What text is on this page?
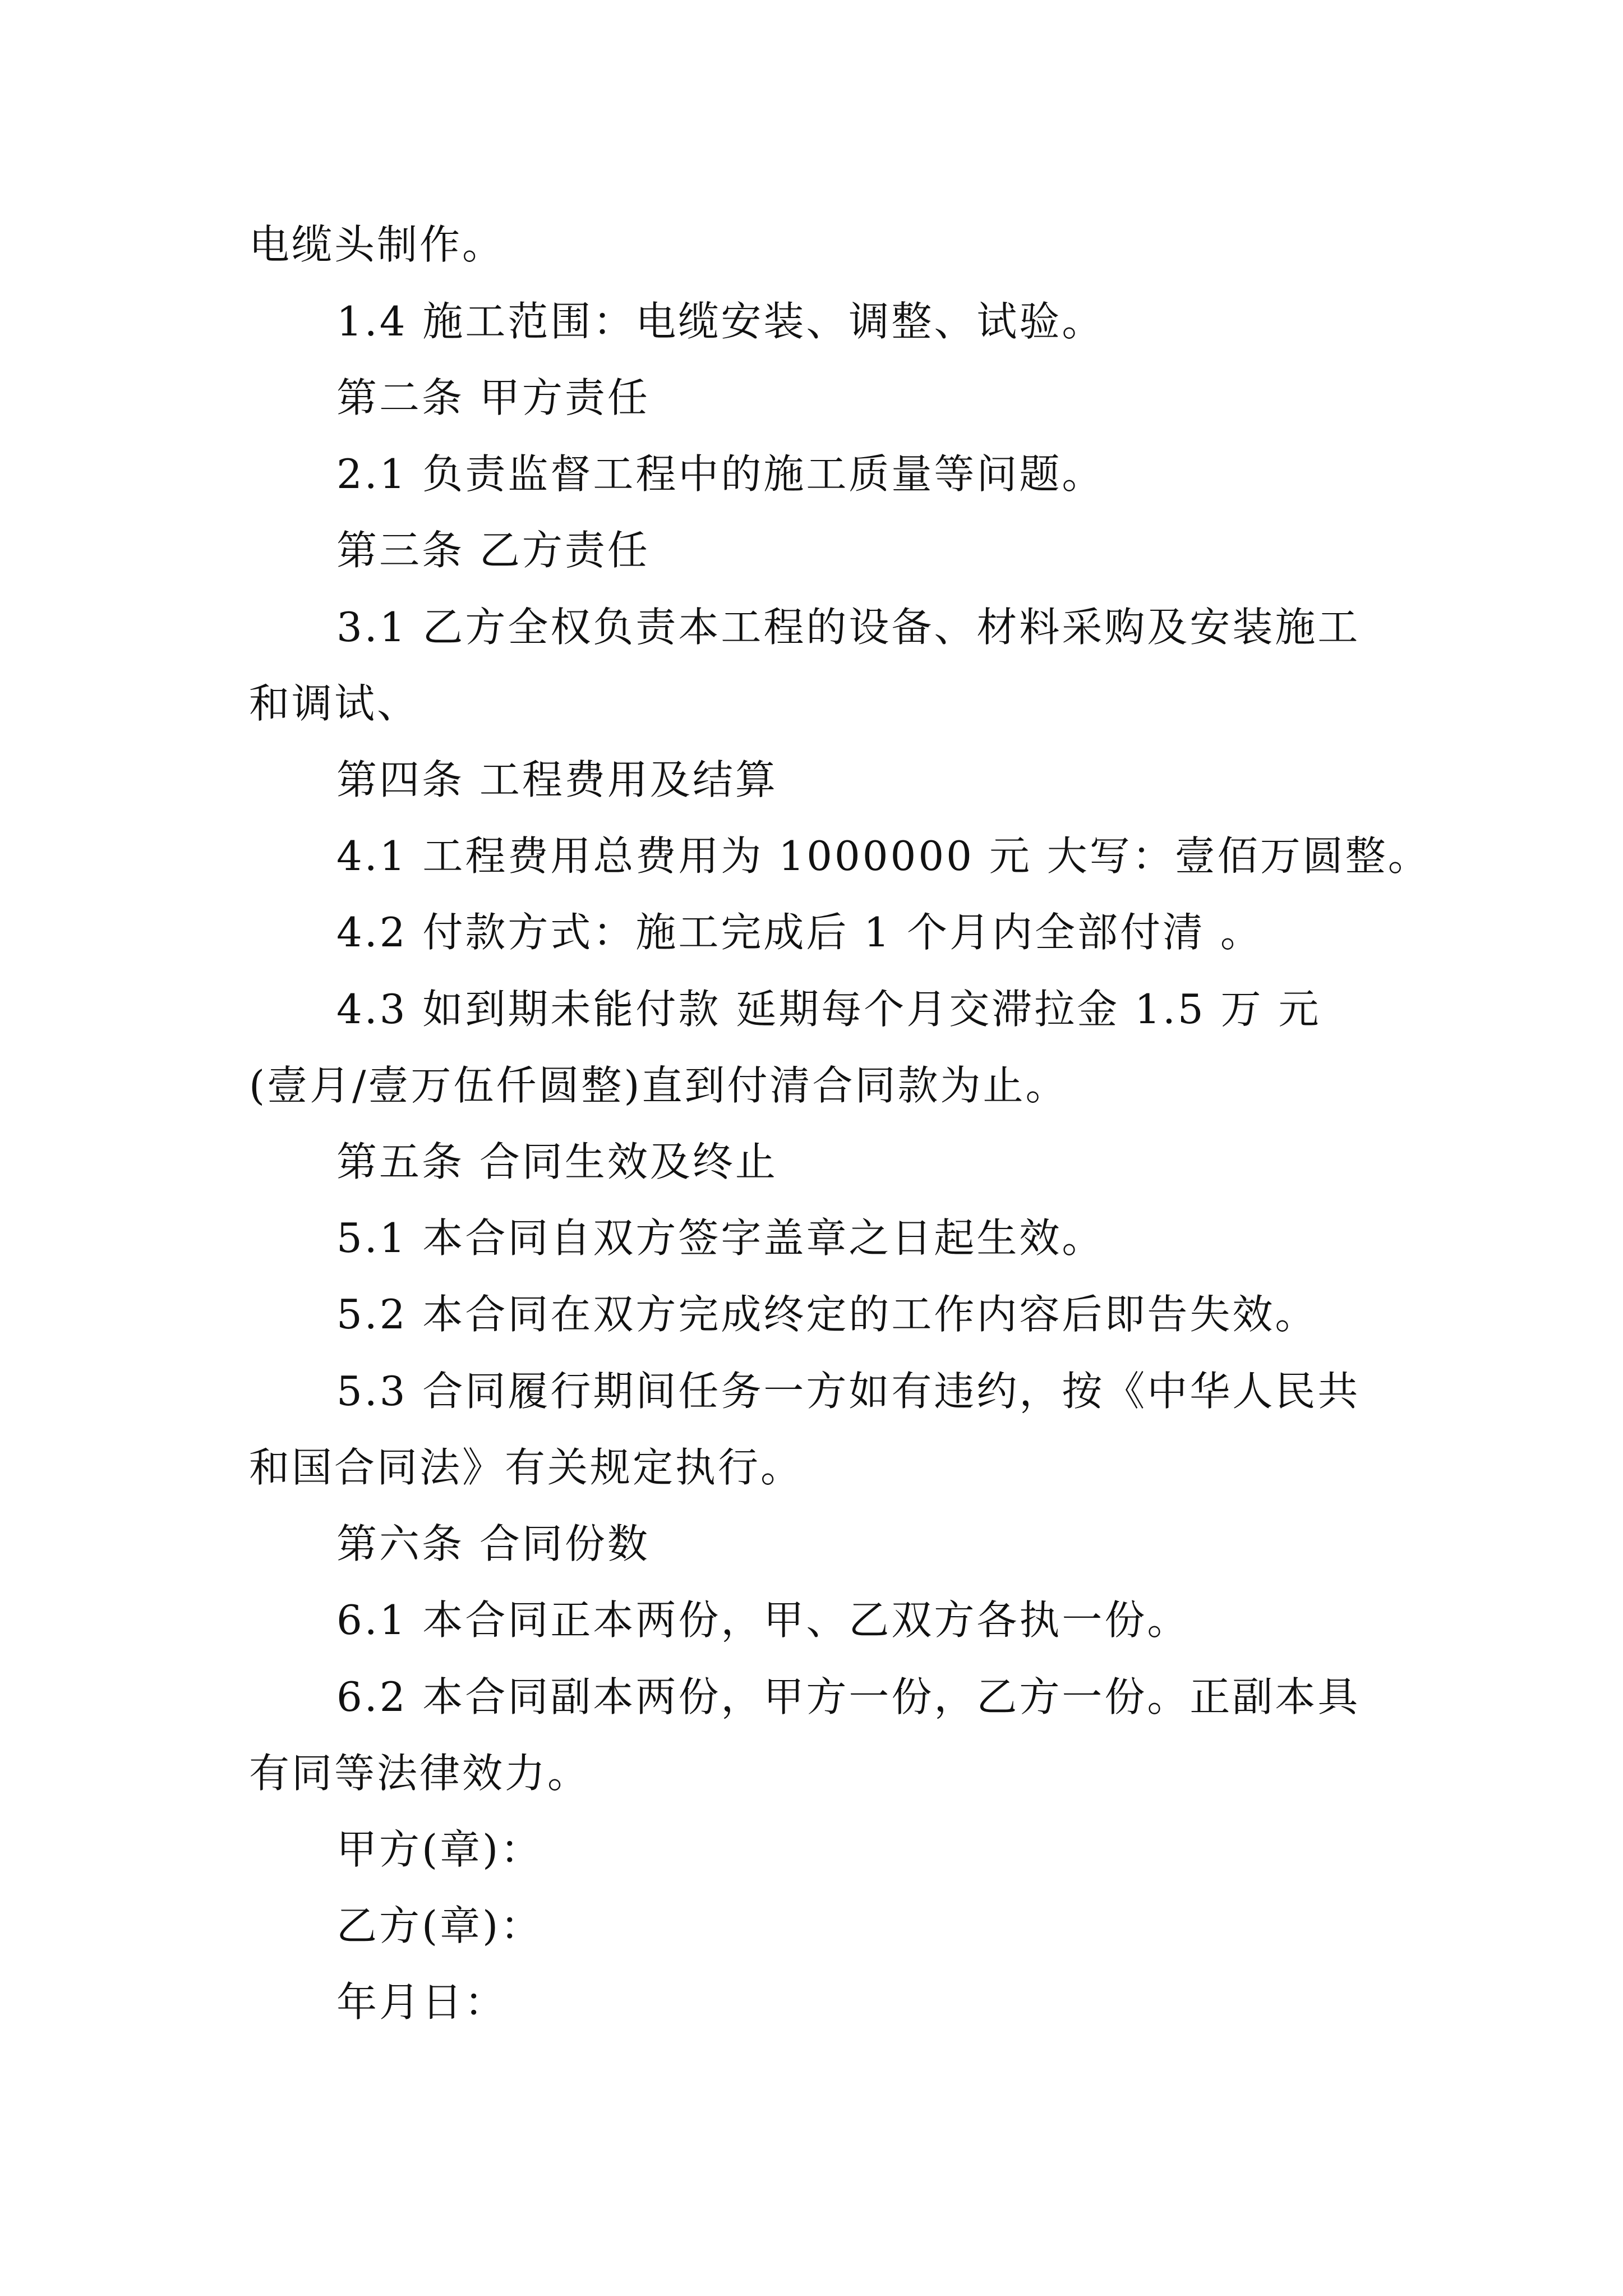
电缆头制作。
1.4 施工范围：电缆安装、调整、试验。
第二条 甲方责任
2.1 负责监督工程中的施工质量等问题。
第三条 乙方责任
3.1 乙方全权负责本工程的设备、材料采购及安装施工
和调试、
第四条 工程费用及结算
4.1 工程费用总费用为 1000000 元 大写：壹佰万圆整。
4.2 付款方式：施工完成后 1 个月内全部付清 。
4.3 如到期未能付款 延期每个月交滞拉金 1.5 万 元
(壹月/壹万伍仟圆整)直到付清合同款为止。
第五条 合同生效及终止
5.1 本合同自双方签字盖章之日起生效。
5.2 本合同在双方完成终定的工作内容后即告失效。
5.3 合同履行期间任务一方如有违约，按《中华人民共
和国合同法》有关规定执行。
第六条 合同份数
6.1 本合同正本两份，甲、乙双方各执一份。
6.2 本合同副本两份，甲方一份，乙方一份。正副本具
有同等法律效力。
甲方(章)：
乙方(章)：
年月日：
